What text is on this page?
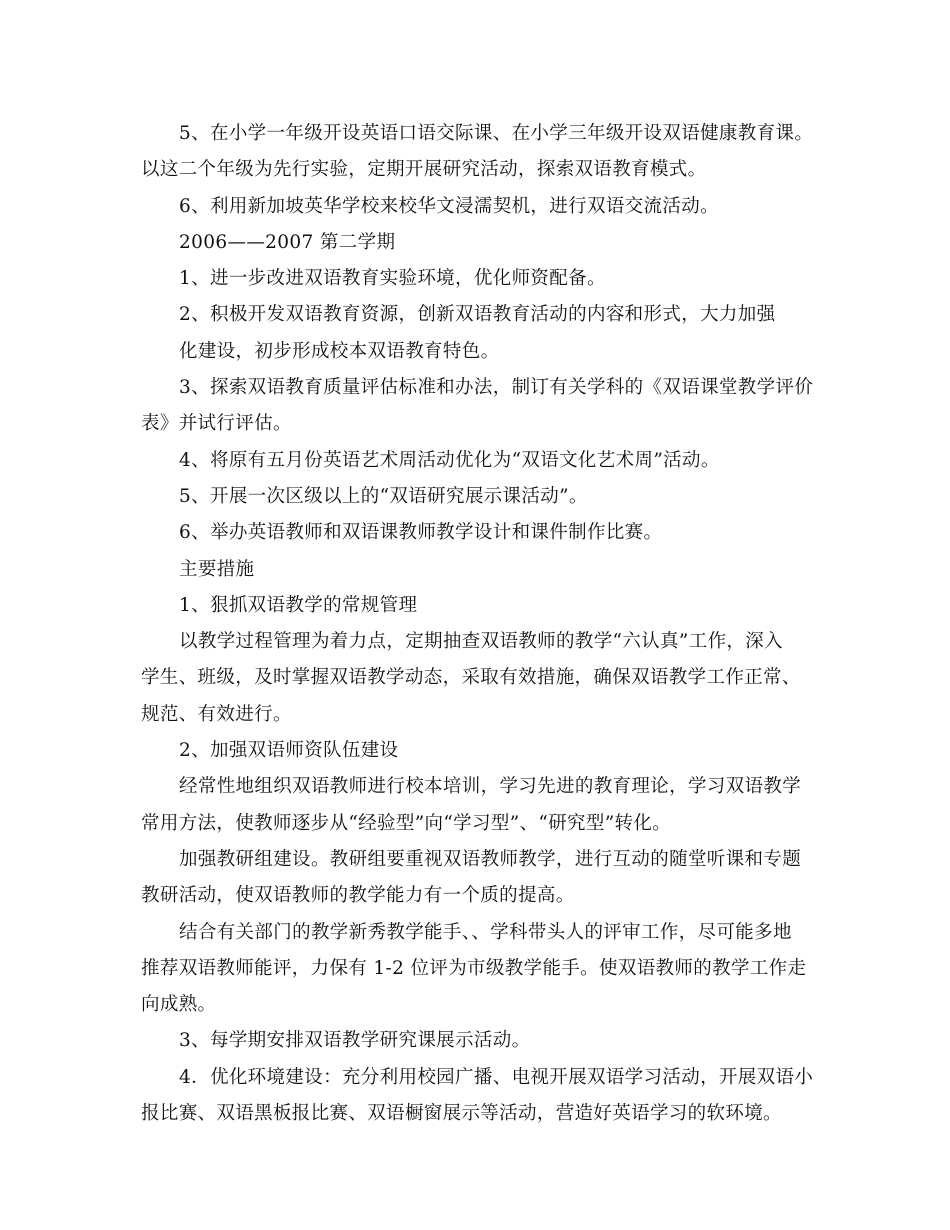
5、在小学一年级开设英语口语交际课、在小学三年级开设双语健康教育课。
以这二个年级为先行实验，定期开展研究活动，探索双语教育模式。
6、利用新加坡英华学校来校华文浸濡契机，进行双语交流活动。
2006——2007 第二学期
1、进一步改进双语教育实验环境，优化师资配备。
2、积极开发双语教育资源，创新双语教育活动的内容和形式，大力加强
化建设，初步形成校本双语教育特色。
3、探索双语教育质量评估标准和办法，制订有关学科的《双语课堂教学评价
表》并试行评估。
4、将原有五月份英语艺术周活动优化为“双语文化艺术周”活动。
5、开展一次区级以上的“双语研究展示课活动”。
6、举办英语教师和双语课教师教学设计和课件制作比赛。
主要措施
1、狠抓双语教学的常规管理
以教学过程管理为着力点，定期抽查双语教师的教学“六认真”工作，深入
学生、班级，及时掌握双语教学动态，采取有效措施，确保双语教学工作正常、
规范、有效进行。
2、加强双语师资队伍建设
经常性地组织双语教师进行校本培训，学习先进的教育理论，学习双语教学
常用方法，使教师逐步从“经验型”向“学习型”、“研究型”转化。
加强教研组建设。教研组要重视双语教师教学，进行互动的随堂听课和专题
教研活动，使双语教师的教学能力有一个质的提高。
结合有关部门的教学新秀教学能手、、学科带头人的评审工作，尽可能多地
推荐双语教师能评，力保有 1-2 位评为市级教学能手。使双语教师的教学工作走
向成熟。
3、每学期安排双语教学研究课展示活动。
4．优化环境建设：充分利用校园广播、电视开展双语学习活动，开展双语小
报比赛、双语黑板报比赛、双语橱窗展示等活动，营造好英语学习的软环境。
